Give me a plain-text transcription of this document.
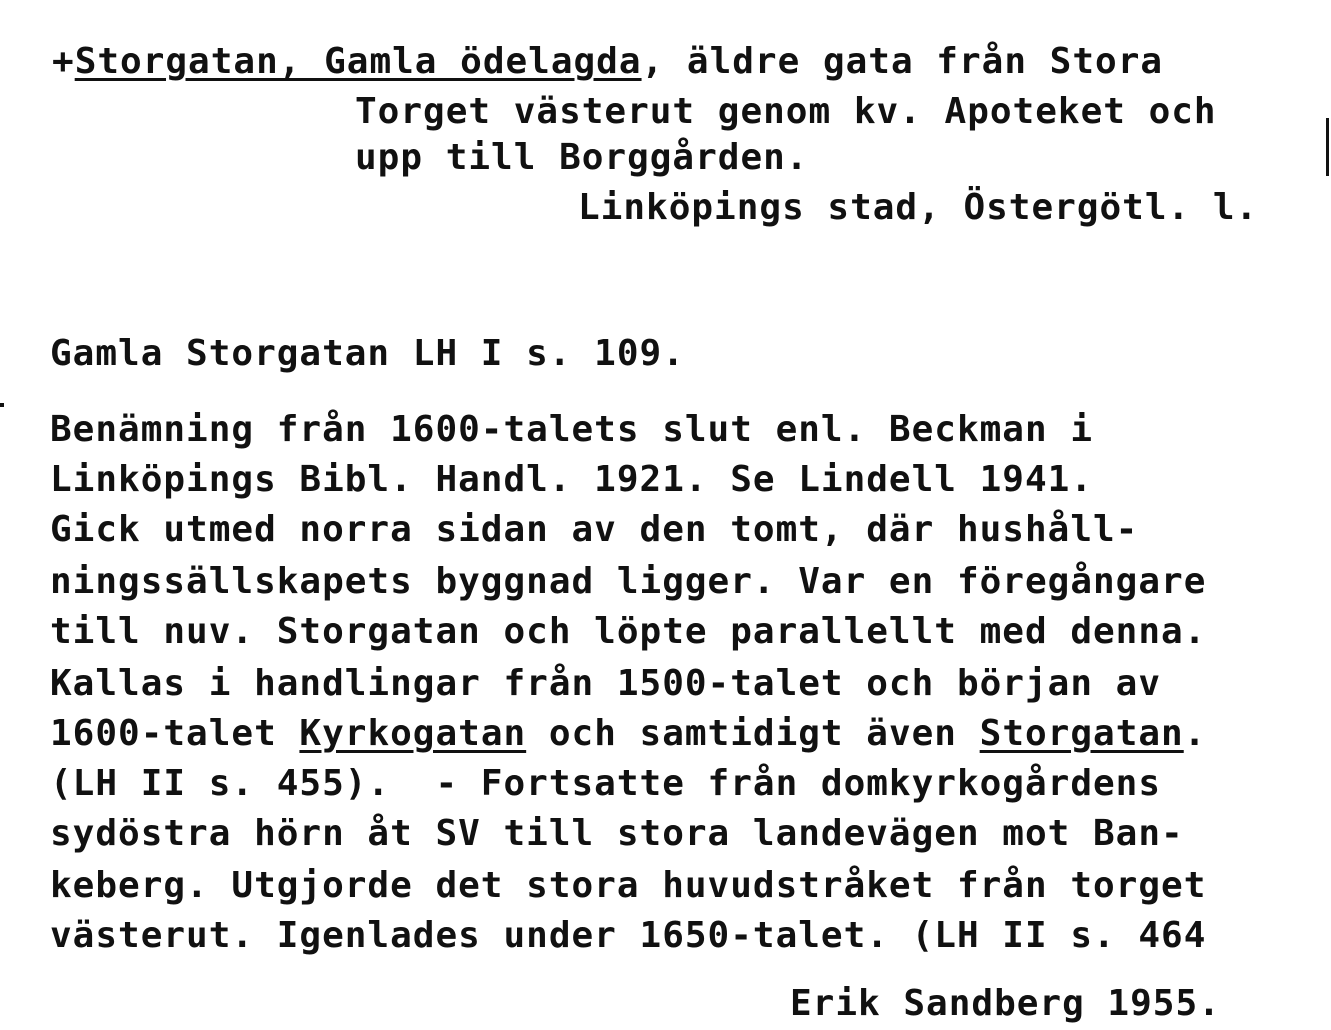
+Storgatan, Gamla ödelagda, äldre gata från Stora
Torget västerut genom kv. Apoteket och
upp till Borggården.
Linköpings stad, Östergötl. l.
Gamla Storgatan LH I s. 109.
Benämning från 1600-talets slut enl. Beckman i
Linköpings Bibl. Handl. 1921. Se Lindell 1941.
Gick utmed norra sidan av den tomt, där hushåll-
ningssällskapets byggnad ligger. Var en föregångare
till nuv. Storgatan och löpte parallellt med denna.
Kallas i handlingar från 1500-talet och början av
1600-talet Kyrkogatan och samtidigt även Storgatan.
(LH II s. 455).  - Fortsatte från domkyrkogårdens
sydöstra hörn åt SV till stora landevägen mot Ban-
keberg. Utgjorde det stora huvudstråket från torget
västerut. Igenlades under 1650-talet. (LH II s. 464
Erik Sandberg 1955.
